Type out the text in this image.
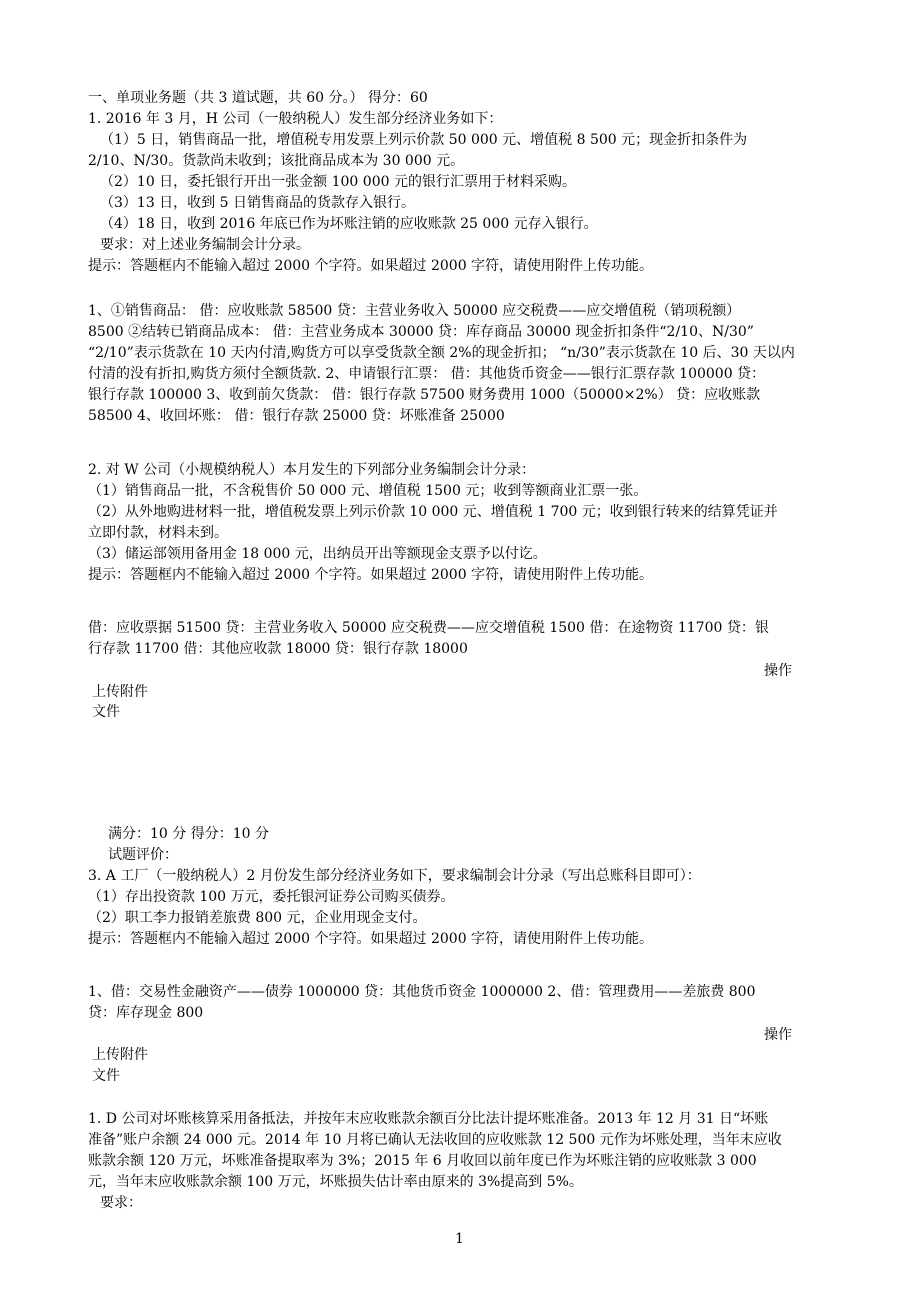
一、单项业务题（共 3 道试题，共 60 分。） 得分：60
1. 2016 年 3 月，H 公司（一般纳税人）发生部分经济业务如下：
（1）5 日，销售商品一批，增值税专用发票上列示价款 50 000 元、增值税 8 500 元；现金折扣条件为
2/10、N/30。货款尚未收到；该批商品成本为 30 000 元。
（2）10 日，委托银行开出一张金额 100 000 元的银行汇票用于材料采购。
（3）13 日，收到 5 日销售商品的货款存入银行。
（4）18 日，收到 2016 年底已作为坏账注销的应收账款 25 000 元存入银行。
要求：对上述业务编制会计分录。
提示：答题框内不能输入超过 2000 个字符。如果超过 2000 字符，请使用附件上传功能。
1、①销售商品： 借：应收账款 58500 贷：主营业务收入 50000 应交税费——应交增值税（销项税额）
8500 ②结转已销商品成本： 借：主营业务成本 30000 贷：库存商品 30000 现金折扣条件“2/10、N/30”
“2/10”表示货款在 10 天内付清,购货方可以享受货款全额 2%的现金折扣； “n/30”表示货款在 10 后、30 天以内
付清的没有折扣,购货方须付全额货款. 2、申请银行汇票： 借：其他货币资金——银行汇票存款 100000 贷：
银行存款 100000 3、收到前欠货款： 借：银行存款 57500 财务费用 1000（50000×2%） 贷：应收账款
58500 4、收回坏账： 借：银行存款 25000 贷：坏账准备 25000
2. 对 W 公司（小规模纳税人）本月发生的下列部分业务编制会计分录：
（1）销售商品一批，不含税售价 50 000 元、增值税 1500 元；收到等额商业汇票一张。
（2）从外地购进材料一批，增值税发票上列示价款 10 000 元、增值税 1 700 元；收到银行转来的结算凭证并
立即付款，材料未到。
（3）储运部领用备用金 18 000 元，出纳员开出等额现金支票予以付讫。
提示：答题框内不能输入超过 2000 个字符。如果超过 2000 字符，请使用附件上传功能。
借：应收票据 51500 贷：主营业务收入 50000 应交税费——应交增值税 1500 借：在途物资 11700 贷：银
行存款 11700 借：其他应收款 18000 贷：银行存款 18000
操作
上传附件
文件
满分：10 分 得分：10 分
试题评价：
3. A 工厂（一般纳税人）2 月份发生部分经济业务如下，要求编制会计分录（写出总账科目即可）：
（1）存出投资款 100 万元，委托银河证券公司购买债券。
（2）职工李力报销差旅费 800 元，企业用现金支付。
提示：答题框内不能输入超过 2000 个字符。如果超过 2000 字符，请使用附件上传功能。
1、借：交易性金融资产——债券 1000000 贷：其他货币资金 1000000 2、借：管理费用——差旅费 800
贷：库存现金 800
操作
上传附件
文件
1. D 公司对坏账核算采用备抵法，并按年末应收账款余额百分比法计提坏账准备。2013 年 12 月 31 日“坏账
准备”账户余额 24 000 元。2014 年 10 月将已确认无法收回的应收账款 12 500 元作为坏账处理，当年末应收
账款余额 120 万元，坏账准备提取率为 3%；2015 年 6 月收回以前年度已作为坏账注销的应收账款 3 000
元，当年末应收账款余额 100 万元，坏账损失估计率由原来的 3%提高到 5%。
要求：
1
